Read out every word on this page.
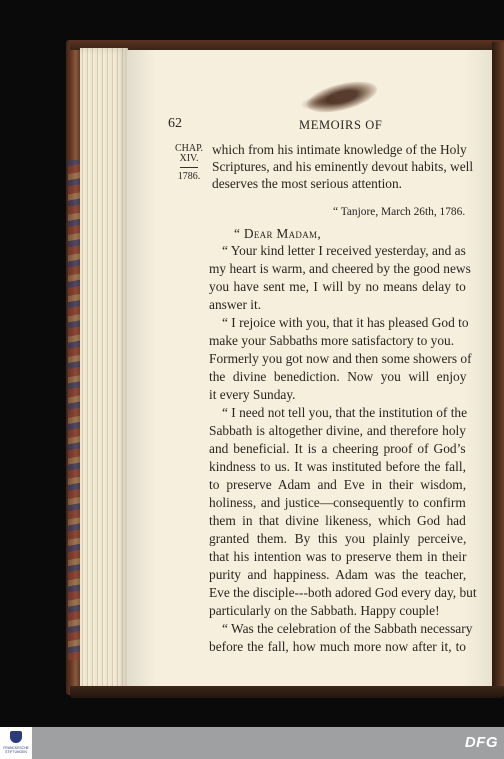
62	MEMOIRS OF
CHAP.
XIV.
1786.
which from his intimate knowledge of the Holy
Scriptures, and his eminently devout habits, well
deserves the most serious attention.
“ Tanjore, March 26th, 1786.
“ Dear Madam,
“ Your kind letter I received yesterday, and as
my heart is warm, and cheered by the good news
you have sent me, I will by no means delay to
answer it.
“ I rejoice with you, that it has pleased God to
make your Sabbaths more satisfactory to you.
Formerly you got now and then some showers of
the divine benediction. Now you will enjoy
it every Sunday.
“ I need not tell you, that the institution of the
Sabbath is altogether divine, and therefore holy
and beneficial. It is a cheering proof of God’s
kindness to us. It was instituted before the fall,
to preserve Adam and Eve in their wisdom,
holiness, and justice—consequently to confirm
them in that divine likeness, which God had
granted them. By this you plainly perceive,
that his intention was to preserve them in their
purity and happiness. Adam was the teacher,
Eve the disciple---both adored God every day, but
particularly on the Sabbath. Happy couple!
“ Was the celebration of the Sabbath necessary
before the fall, how much more now after it, to
FRANCKESCHE STIFTUNGEN
DFG
